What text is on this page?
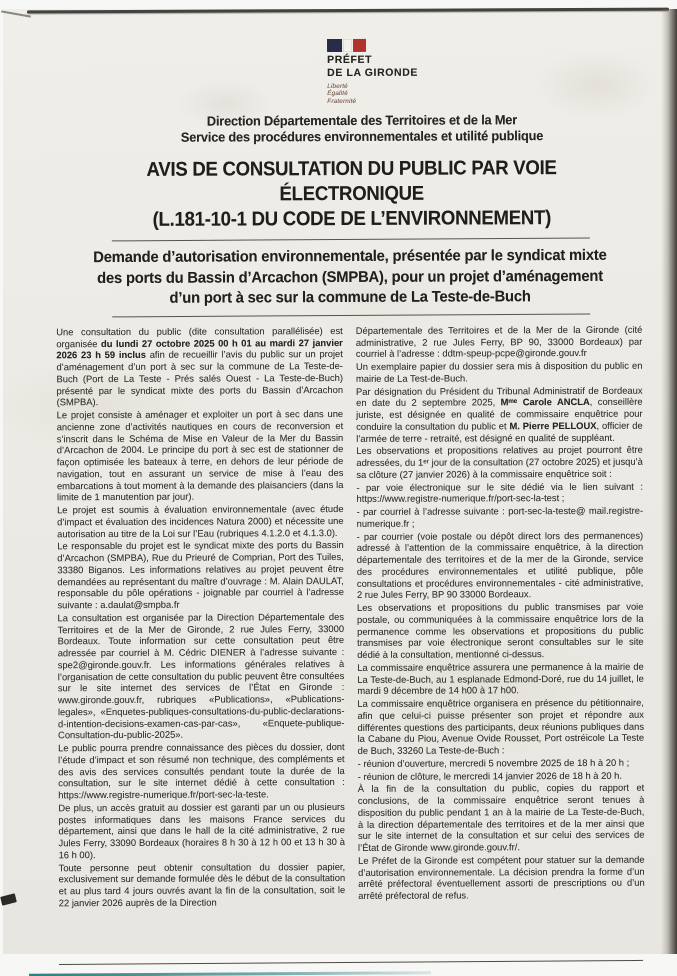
PRÉFET
DE LA GIRONDE
Liberté
Égalité
Fraternité
Direction Départementale des Territoires et de la Mer
Service des procédures environnementales et utilité publique
AVIS DE CONSULTATION DU PUBLIC PAR VOIE ÉLECTRONIQUE
(L.181-10-1 DU CODE DE L’ENVIRONNEMENT)
Demande d’autorisation environnementale, présentée par le syndicat mixte
des ports du Bassin d’Arcachon (SMPBA), pour un projet d’aménagement
d’un port à sec sur la commune de La Teste-de-Buch

Une consultation du public (dite consultation parallélisée) est organisée du lundi 27 octobre 2025 00 h 01 au mardi 27 janvier 2026 23 h 59 inclus afin de recueillir l’avis du public sur un projet d’aménagement d’un port à sec sur la commune de La Teste-de-Buch (Port de La Teste - Prés salés Ouest - La Teste-de-Buch) présenté par le syndicat mixte des ports du Bassin d’Arcachon (SMPBA).

Le projet consiste à aménager et exploiter un port à sec dans une ancienne zone d’activités nautiques en cours de reconversion et s’inscrit dans le Schéma de Mise en Valeur de la Mer du Bassin d’Arcachon de 2004. Le principe du port à sec est de stationner de façon optimisée les bateaux à terre, en dehors de leur période de navigation, tout en assurant un service de mise à l’eau des embarcations à tout moment à la demande des plaisanciers (dans la limite de 1 manutention par jour).

Le projet est soumis à évaluation environnementale (avec étude d’impact et évaluation des incidences Natura 2000) et nécessite une autorisation au titre de la Loi sur l’Eau (rubriques 4.1.2.0 et 4.1.3.0).

Le responsable du projet est le syndicat mixte des ports du Bassin d’Arcachon (SMPBA), Rue du Prieuré de Comprian, Port des Tuiles, 33380 Biganos. Les informations relatives au projet peuvent être demandées au représentant du maître d’ouvrage : M. Alain DAULAT, responsable du pôle opérations - joignable par courriel à l’adresse suivante : a.daulat@smpba.fr

La consultation est organisée par la Direction Départementale des Territoires et de la Mer de Gironde, 2 rue Jules Ferry, 33000 Bordeaux. Toute information sur cette consultation peut être adressée par courriel à M. Cédric DIENER à l’adresse suivante : spe2@gironde.gouv.fr. Les informations générales relatives à l’organisation de cette consultation du public peuvent être consultées sur le site internet des services de l’État en Gironde : www.gironde.gouv.fr, rubriques «Publications», «Publications-legales», «Enquetes-publiques-consultations-du-public-declarations-d-intention-decisions-examen-cas-par-cas», «Enquete-publique-Consultation-du-public-2025».

Le public pourra prendre connaissance des pièces du dossier, dont l’étude d’impact et son résumé non technique, des compléments et des avis des services consultés pendant toute la durée de la consultation, sur le site internet dédié à cette consultation : https://www.registre-numerique.fr/port-sec-la-teste.

De plus, un accès gratuit au dossier est garanti par un ou plusieurs postes informatiques dans les maisons France services du département, ainsi que dans le hall de la cité administrative, 2 rue Jules Ferry, 33090 Bordeaux (horaires 8 h 30 à 12 h 00 et 13 h 30 à 16 h 00).

Toute personne peut obtenir consultation du dossier papier, exclusivement sur demande formulée dès le début de la consultation et au plus tard 4 jours ouvrés avant la fin de la consultation, soit le 22 janvier 2026 auprès de la Direction

Départementale des Territoires et de la Mer de la Gironde (cité administrative, 2 rue Jules Ferry, BP 90, 33000 Bordeaux) par courriel à l’adresse : ddtm-speup-pcpe@gironde.gouv.fr

Un exemplaire papier du dossier sera mis à disposition du public en mairie de La Test-de-Buch.

Par désignation du Président du Tribunal Administratif de Bordeaux en date du 2 septembre 2025, Mᵐᵉ Carole ANCLA, conseillère juriste, est désignée en qualité de commissaire enquêtrice pour conduire la consultation du public et M. Pierre PELLOUX, officier de l’armée de terre - retraité, est désigné en qualité de suppléant.

Les observations et propositions relatives au projet pourront être adressées, du 1ᵉʳ jour de la consultation (27 octobre 2025) et jusqu’à sa clôture (27 janvier 2026) à la commissaire enquêtrice soit :

- par voie électronique sur le site dédié via le lien suivant : https://www.registre-numerique.fr/port-sec-la-test ;

- par courriel à l’adresse suivante : port-sec-la-teste@ mail.registre-numerique.fr ;

- par courrier (voie postale ou dépôt direct lors des permanences) adressé à l’attention de la commissaire enquêtrice, à la direction départementale des territoires et de la mer de la Gironde, service des procédures environnementales et utilité publique, pôle consultations et procédures environnementales - cité administrative, 2 rue Jules Ferry, BP 90 33000 Bordeaux.

Les observations et propositions du public transmises par voie postale, ou communiquées à la commissaire enquêtrice lors de la permanence comme les observations et propositions du public transmises par voie électronique seront consultables sur le site dédié à la consultation, mentionné ci-dessus.

La commissaire enquêtrice assurera une permanence à la mairie de La Teste-de-Buch, au 1 esplanade Edmond-Doré, rue du 14 juillet, le mardi 9 décembre de 14 h00 à 17 h00.

La commissaire enquêtrice organisera en présence du pétitionnaire, afin que celui-ci puisse présenter son projet et répondre aux différentes questions des participants, deux réunions publiques dans la Cabane du Piou, Avenue Ovide Rousset, Port ostréicole La Teste de Buch, 33260 La Teste-de-Buch :

- réunion d’ouverture, mercredi 5 novembre 2025 de 18 h à 20 h ;

- réunion de clôture, le mercredi 14 janvier 2026 de 18 h à 20 h.

À la fin de la consultation du public, copies du rapport et conclusions, de la commissaire enquêtrice seront tenues à disposition du public pendant 1 an à la mairie de La Teste-de-Buch, à la direction départementale des territoires et de la mer ainsi que sur le site internet de la consultation et sur celui des services de l’État de Gironde www.gironde.gouv.fr/.

Le Préfet de la Gironde est compétent pour statuer sur la demande d’autorisation environnementale. La décision prendra la forme d’un arrêté préfectoral éventuellement assorti de prescriptions ou d’un arrêté préfectoral de refus.
